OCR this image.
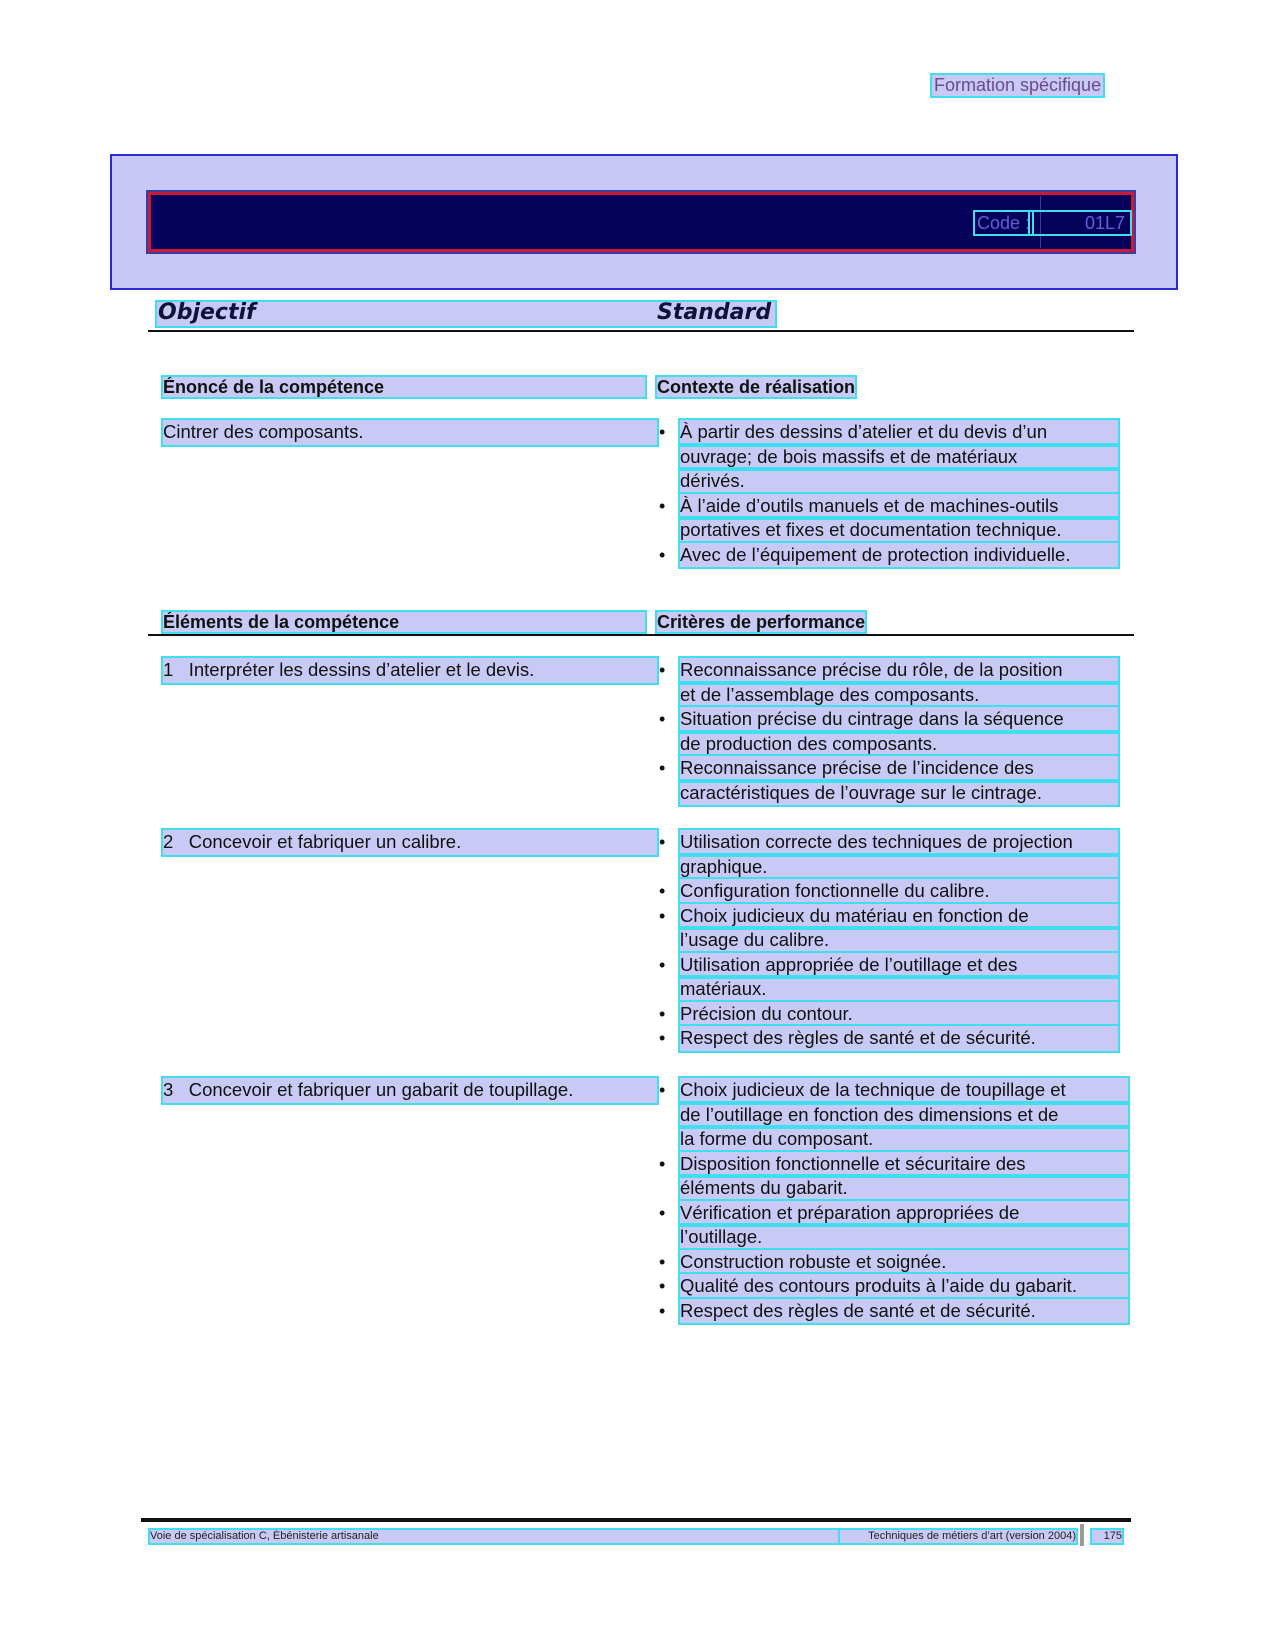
Formation spécifique
Code :	01L7
Objectif	Standard
Énoncé de la compétence	Contexte de réalisation
Cintrer des composants.	• À partir des dessins d’atelier et du devis d’un
ouvrage; de bois massifs et de matériaux
dérivés.
• À l’aide d’outils manuels et de machines-outils
portatives et fixes et documentation technique.
• Avec de l’équipement de protection individuelle.
Éléments de la compétence	Critères de performance
1 Interpréter les dessins d’atelier et le devis.	• Reconnaissance précise du rôle, de la position
et de l’assemblage des composants.
• Situation précise du cintrage dans la séquence
de production des composants.
• Reconnaissance précise de l’incidence des
caractéristiques de l’ouvrage sur le cintrage.
2 Concevoir et fabriquer un calibre.	• Utilisation correcte des techniques de projection
graphique.
• Configuration fonctionnelle du calibre.
• Choix judicieux du matériau en fonction de
l’usage du calibre.
• Utilisation appropriée de l’outillage et des
matériaux.
• Précision du contour.
• Respect des règles de santé et de sécurité.
3 Concevoir et fabriquer un gabarit de toupillage.	• Choix judicieux de la technique de toupillage et
de l’outillage en fonction des dimensions et de
la forme du composant.
• Disposition fonctionnelle et sécuritaire des
éléments du gabarit.
• Vérification et préparation appropriées de
l’outillage.
• Construction robuste et soignée.
• Qualité des contours produits à l’aide du gabarit.
• Respect des règles de santé et de sécurité.
Voie de spécialisation C, Ébénisterie artisanale	Techniques de métiers d’art (version 2004)	175
